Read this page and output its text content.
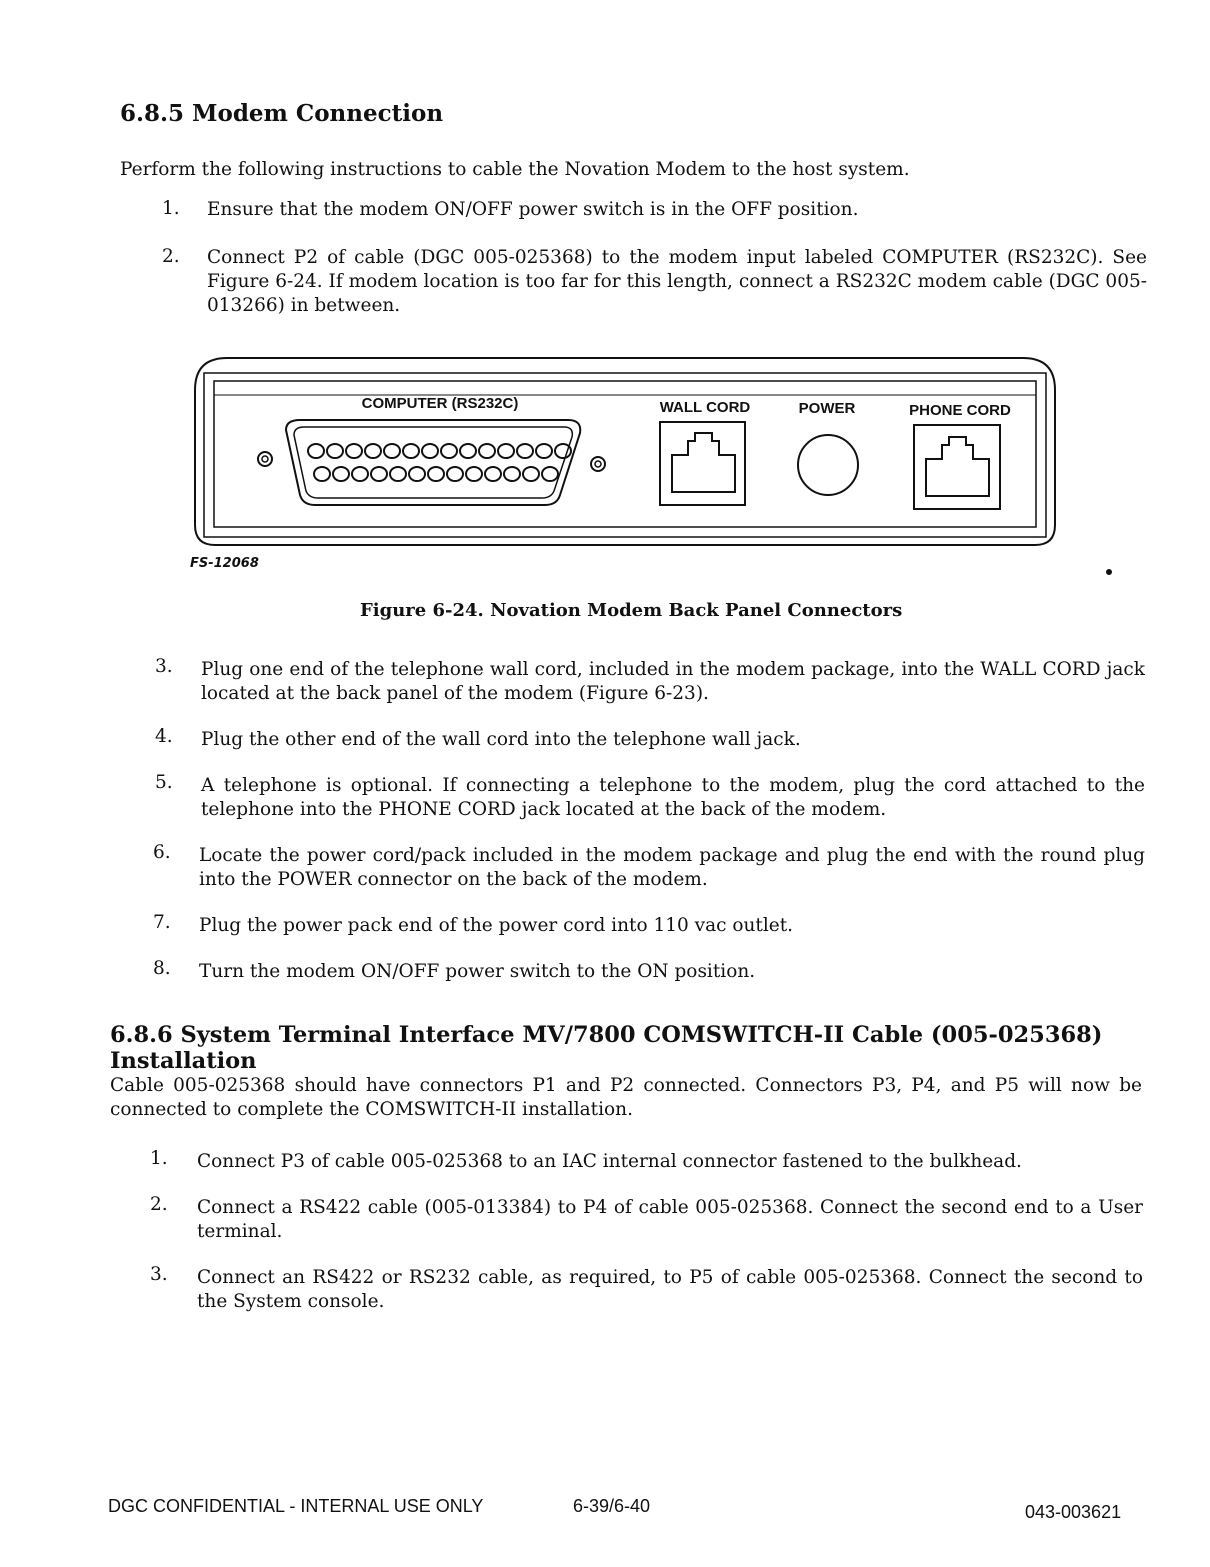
6.8.5 Modem Connection
Perform the following instructions to cable the Novation Modem to the host system.
1. Ensure that the modem ON/OFF power switch is in the OFF position.
2. Connect P2 of cable (DGC 005-025368) to the modem input labeled COMPUTER (RS232C). See Figure 6-24. If modem location is too far for this length, connect a RS232C modem cable (DGC 005-013266) in between.
COMPUTER (RS232C)	WALL CORD	POWER	PHONE CORD
FS-12068
Figure 6-24. Novation Modem Back Panel Connectors
3. Plug one end of the telephone wall cord, included in the modem package, into the WALL CORD jack located at the back panel of the modem (Figure 6-23).
4. Plug the other end of the wall cord into the telephone wall jack.
5. A telephone is optional. If connecting a telephone to the modem, plug the cord attached to the telephone into the PHONE CORD jack located at the back of the modem.
6. Locate the power cord/pack included in the modem package and plug the end with the round plug into the POWER connector on the back of the modem.
7. Plug the power pack end of the power cord into 110 vac outlet.
8. Turn the modem ON/OFF power switch to the ON position.
6.8.6 System Terminal Interface MV/7800 COMSWITCH-II Cable (005-025368) Installation
Cable 005-025368 should have connectors P1 and P2 connected. Connectors P3, P4, and P5 will now be connected to complete the COMSWITCH-II installation.
1. Connect P3 of cable 005-025368 to an IAC internal connector fastened to the bulkhead.
2. Connect a RS422 cable (005-013384) to P4 of cable 005-025368. Connect the second end to a User terminal.
3. Connect an RS422 or RS232 cable, as required, to P5 of cable 005-025368. Connect the second to the System console.
DGC CONFIDENTIAL - INTERNAL USE ONLY	6-39/6-40	043-003621
